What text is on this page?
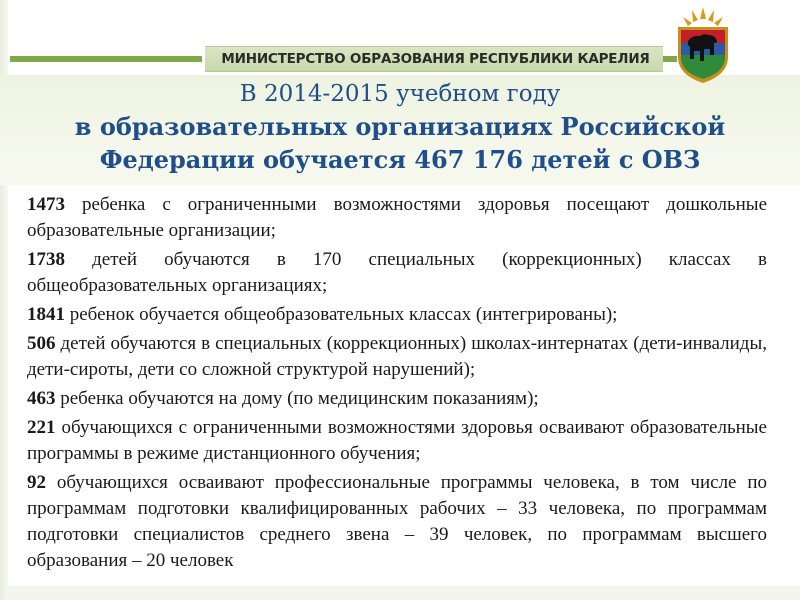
МИНИСТЕРСТВО ОБРАЗОВАНИЯ РЕСПУБЛИКИ КАРЕЛИЯ
В 2014-2015 учебном году
в образовательных организациях Российской
Федерации обучается 467 176 детей с ОВЗ

1473 ребенка с ограниченными возможностями здоровья посещают дошкольные образовательные организации;

1738 детей обучаются в 170 специальных (коррекционных) классах в общеобразовательных организациях;

1841 ребенок обучается общеобразовательных классах (интегрированы);

506 детей обучаются в специальных (коррекционных) школах-интернатах (дети-инвалиды, дети-сироты, дети со сложной структурой нарушений);

463 ребенка обучаются на дому (по медицинским показаниям);

221 обучающихся с ограниченными возможностями здоровья осваивают образовательные программы в режиме дистанционного обучения;

92 обучающихся осваивают профессиональные программы человека, в том числе по программам подготовки квалифицированных рабочих – 33 человека, по программам подготовки специалистов среднего звена – 39 человек, по программам высшего образования – 20 человек
